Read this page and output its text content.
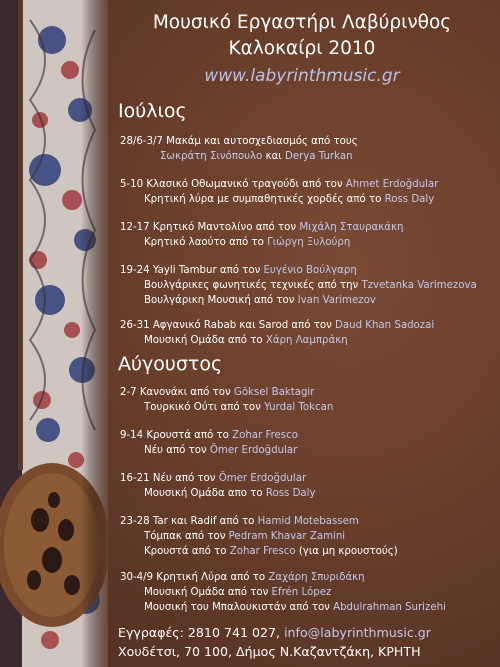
Μουσικό Εργαστήρι Λαβύρινθος
Καλοκαίρι 2010
www.labyrinthmusic.gr
Ιούλιος
28/6-3/7 Μακάμ και αυτοσχεδιασμός από τους
Σωκράτη Σινόπουλο και Derya Turkan
5-10 Κλασικό Οθωμανικό τραγούδι από τον Ahmet Erdoğdular
Κρητική λύρα με συμπαθητικές χορδές από το Ross Daly
12-17 Κρητικό Μαντολίνο από τον Μιχάλη Σταυρακάκη
Κρητικό λαούτο από το Γιώργη Ξυλούρη
19-24 Yayli Tambur από τον Ευγένιο Βούλγαρη
Βουλγάρικες φωνητικές τεχνικές από την Tzvetanka Varimezova
Βουλγάρικη Μουσική από τον Ivan Varimezov
26-31 Αφγανικό Rabab και Sarod από τον Daud Khan Sadozai
Μουσική Ομάδα από το Χάρη Λαμπράκη
Αύγουστος
2-7 Κανονάκι από τον Göksel Baktagir
Τουρκικό Ούτι από τον Yurdal Tokcan
9-14 Κρουστά από το Zohar Fresco
Νέυ από τον Ömer Erdoğdular
16-21 Νέυ από τον Ömer Erdoğdular
Μουσική Ομάδα απο το Ross Daly
23-28 Tar και Radif από το Hamid Motebassem
Τόμπακ από τον Pedram Khavar Zamini
Κρουστά από το Zohar Fresco (για μη κρουστούς)
30-4/9 Κρητική Λύρα από το Ζαχάρη Σπυριδάκη
Μουσική Ομάδα από τον Efrén López
Μουσική του Μπαλουκιστάν από τον Abdulrahman Surizehi
Εγγραφές: 2810 741 027, info@labyrinthmusic.gr
Χουδέτσι, 70 100, Δήμος Ν.Καζαντζάκη, ΚΡΗΤΗ
